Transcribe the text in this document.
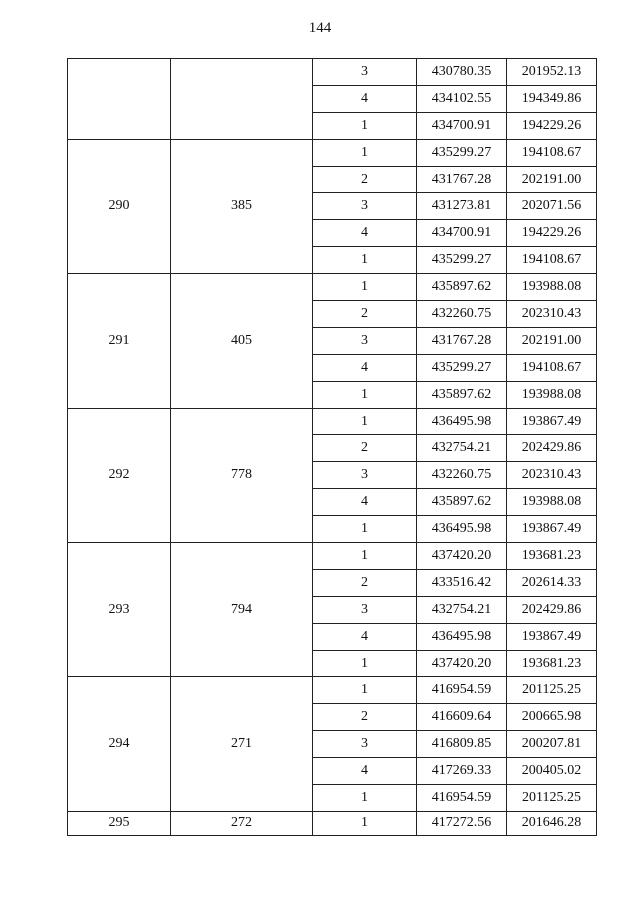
144
		3	430780.35	201952.13
		4	434102.55	194349.86
		1	434700.91	194229.26
290	385	1	435299.27	194108.67
		2	431767.28	202191.00
		3	431273.81	202071.56
		4	434700.91	194229.26
		1	435299.27	194108.67
291	405	1	435897.62	193988.08
		2	432260.75	202310.43
		3	431767.28	202191.00
		4	435299.27	194108.67
		1	435897.62	193988.08
292	778	1	436495.98	193867.49
		2	432754.21	202429.86
		3	432260.75	202310.43
		4	435897.62	193988.08
		1	436495.98	193867.49
293	794	1	437420.20	193681.23
		2	433516.42	202614.33
		3	432754.21	202429.86
		4	436495.98	193867.49
		1	437420.20	193681.23
294	271	1	416954.59	201125.25
		2	416609.64	200665.98
		3	416809.85	200207.81
		4	417269.33	200405.02
		1	416954.59	201125.25
295	272	1	417272.56	201646.28
